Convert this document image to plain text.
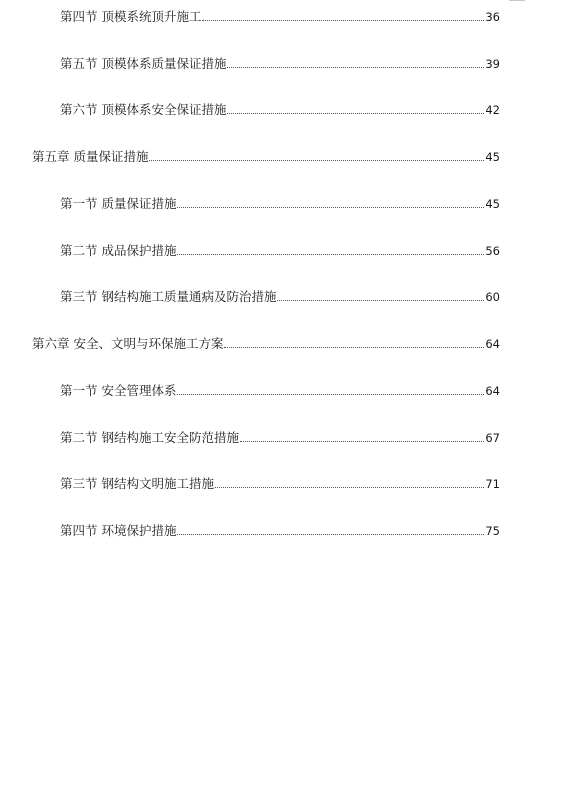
第四节 顶模系统顶升施工	36
第五节 顶模体系质量保证措施	39
第六节 顶模体系安全保证措施	42
第五章 质量保证措施	45
第一节 质量保证措施	45
第二节 成品保护措施	56
第三节 钢结构施工质量通病及防治措施	60
第六章 安全、文明与环保施工方案	64
第一节 安全管理体系	64
第二节 钢结构施工安全防范措施	67
第三节 钢结构文明施工措施	71
第四节 环境保护措施	75
